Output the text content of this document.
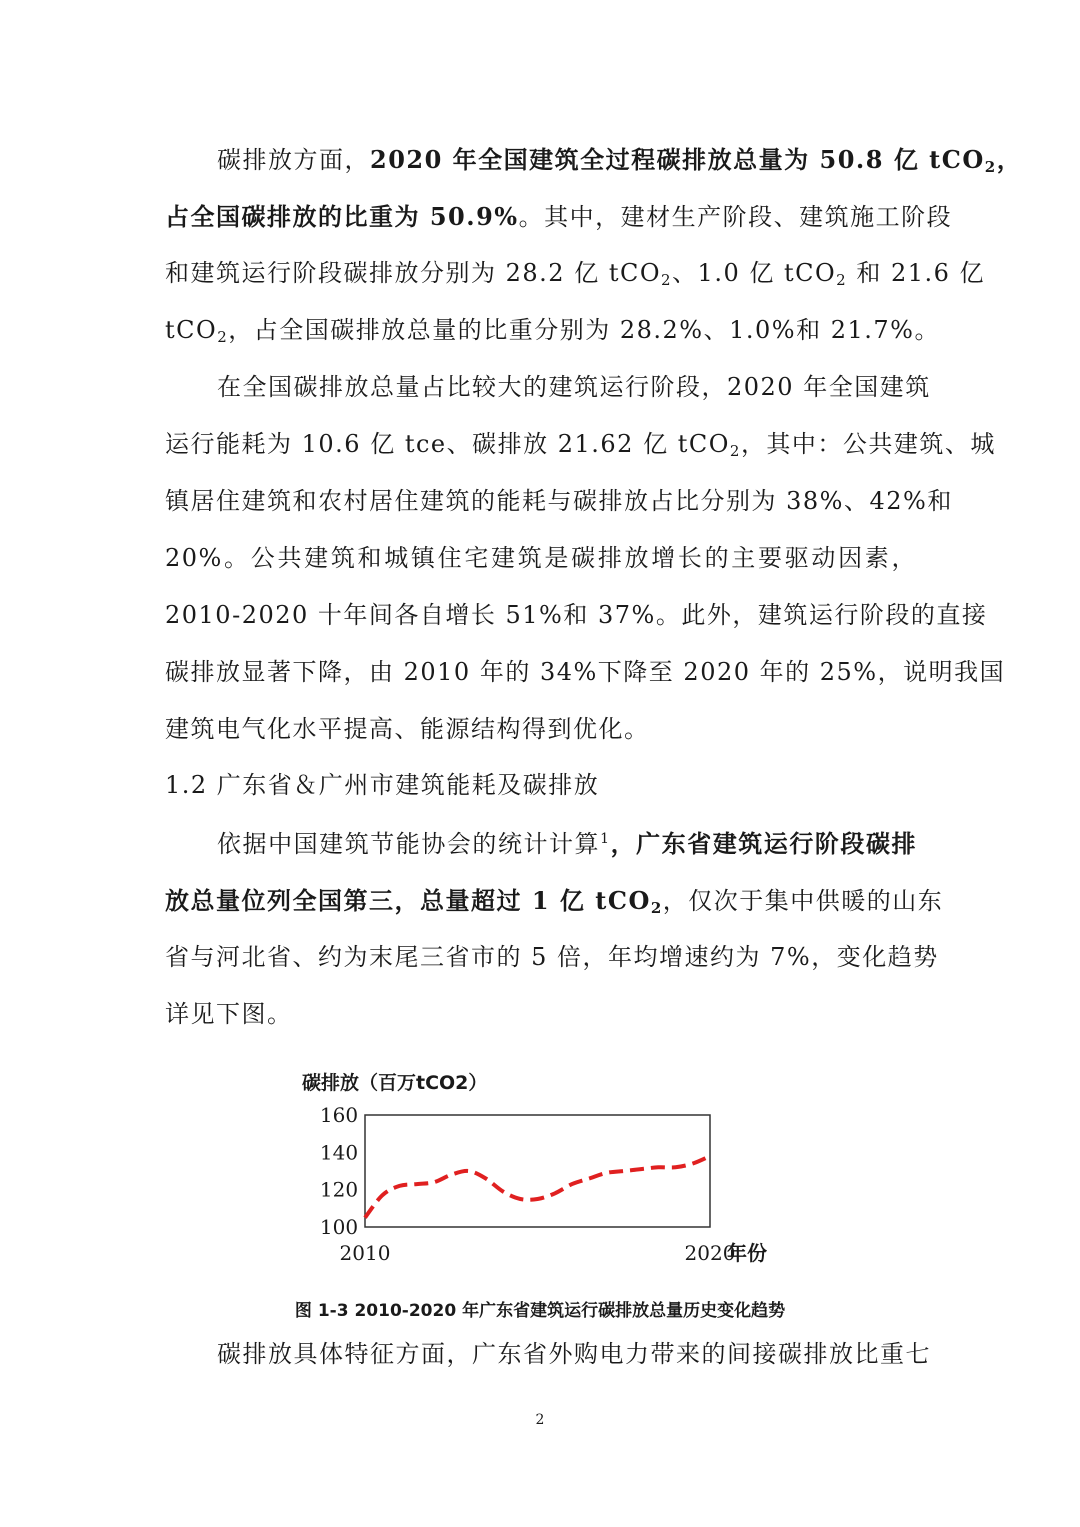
碳排放方面，2020 年全国建筑全过程碳排放总量为 50.8 亿 tCO$_2$，
占全国碳排放的比重为 50.9%。其中，建材生产阶段、建筑施工阶段
和建筑运行阶段碳排放分别为 28.2 亿 tCO$_2$、1.0 亿 tCO$_2$ 和 21.6 亿
tCO$_2$，占全国碳排放总量的比重分别为 28.2%、1.0%和 21.7%。

在全国碳排放总量占比较大的建筑运行阶段，2020 年全国建筑
运行能耗为 10.6 亿 tce、碳排放 21.62 亿 tCO$_2$，其中：公共建筑、城
镇居住建筑和农村居住建筑的能耗与碳排放占比分别为 38%、42%和
20%。公共建筑和城镇住宅建筑是碳排放增长的主要驱动因素，
2010-2020 十年间各自增长 51%和 37%。此外，建筑运行阶段的直接
碳排放显著下降，由 2010 年的 34%下降至 2020 年的 25%，说明我国
建筑电气化水平提高、能源结构得到优化。

1.2 广东省＆广州市建筑能耗及碳排放

依据中国建筑节能协会的统计计算$^1$，广东省建筑运行阶段碳排
放总量位列全国第三，总量超过 1 亿 tCO$_2$，仅次于集中供暖的山东
省与河北省、约为末尾三省市的 5 倍，年均增速约为 7%，变化趋势
详见下图。

碳排放（百万tCO2）
160
140
120
100
2010	2020
年份
图 1-3 2010-2020 年广东省建筑运行碳排放总量历史变化趋势

碳排放具体特征方面，广东省外购电力带来的间接碳排放比重七

2
